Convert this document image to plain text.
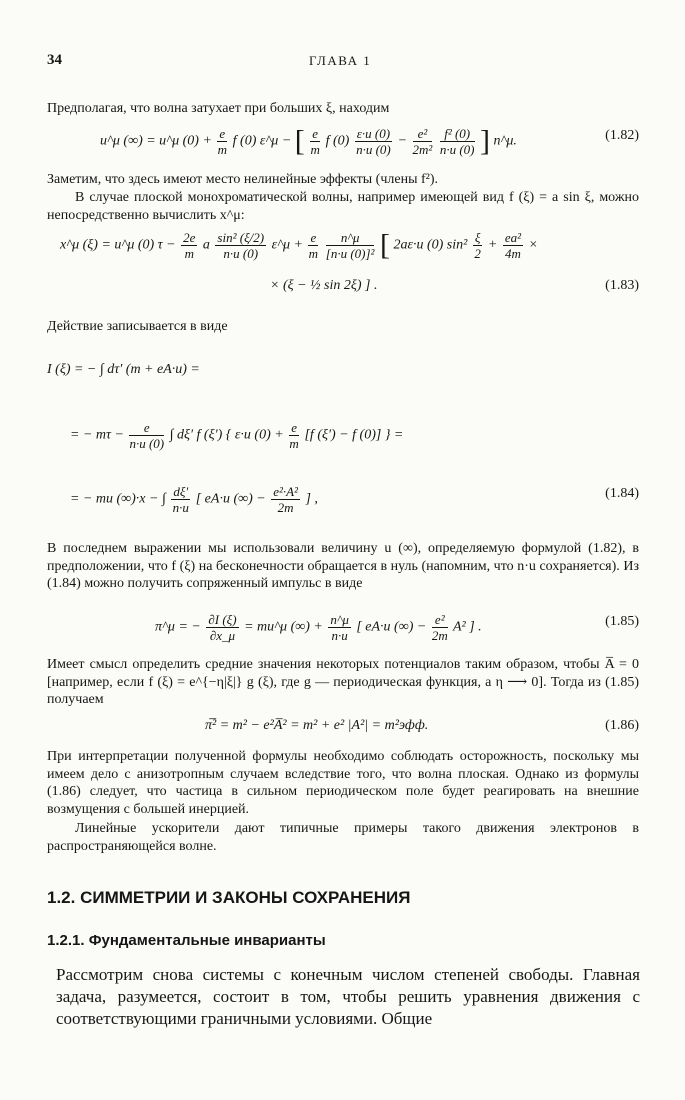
34	ГЛАВА 1
Предполагая, что волна затухает при больших ξ, находим
u^μ (∞) = u^μ $(0) + \frac{e}{m}$ f (0) ε^μ − [ $\frac{e}{m}$ f $(0) \frac{\varepsilon\cdot u (0)}{n\cdot u (0)} - \frac{\text{e²}}{\text{2m²}}$
$\frac{\text{f² (0)}}{n\cdot u (0)}$ ] n^μ.	(1.82)
Заметим, что здесь имеют место нелинейные эффекты (члены f²).
В случае плоской монохроматической волны, например имеющей вид f (ξ) = a sin ξ, можно непосредственно вычислить x^μ:
x^μ (ξ) = u^μ (0) $\tau - \frac{2e}{m}$ a $\frac{\text{sin² (ξ/2)}}{n\cdot u (0)}$ ε^μ + $\frac{e}{m}$
$\frac{n\^{}\mu}{\text{[n·u (0)]²}}$ [ 2aε·u (0) $\sin^2 \frac{\xi}{2} + \frac{\text{ea²}}{4m}$ ×
× (ξ − ½ sin 2ξ) ] .	(1.83)
Действие записывается в виде
I (ξ) = − ∫ dτ′ (m + eA·u) =
= − $m\tau - \frac{e}{n\cdot u (0)}$ ∫ dξ′ f (ξ′) { ε·u $(0) + \frac{e}{m} [f$ (ξ′) − f (0)] } =
= − mu (∞)·x − ∫ $\frac{d\xi'}{n\cdot u}$ [ eA·u (∞) − $\frac{\text{e²·A²}}{2m}$ ] ,	(1.84)
В последнем выражении мы использовали величину u (∞), определяемую формулой (1.82), в предположении, что f (ξ) на бесконечности обращается в нуль (напомним, что n·u сохраняется). Из (1.84) можно получить сопряженный импульс в виде
π^μ = − $\frac{\partial I (\xi)}{\partial x\_\mu}$ = mu^μ (∞) + $\frac{n\^{}\mu}{n\cdot u}$ [ eA·u (∞) − $\frac{\text{e²}}{2m} A^2$ ] .	(1.85)
Имеет смысл определить средние значения некоторых потенциалов таким образом, чтобы A̅ = 0 [например, если f (ξ) = e^{−η|ξ|} g (ξ), где g — периодическая функция, а η ⟶ 0]. Тогда из (1.85) получаем
π̅² = m² − e²A̅² = m² + e² |A²| = m²эфф.	(1.86)
При интерпретации полученной формулы необходимо соблюдать осторожность, поскольку мы имеем дело с анизотропным случаем вследствие того, что волна плоская. Однако из формулы (1.86) следует, что частица в сильном периодическом поле будет реагировать на внешние возмущения с большей инерцией.
Линейные ускорители дают типичные примеры такого движения электронов в распространяющейся волне.
1.2. СИММЕТРИИ И ЗАКОНЫ СОХРАНЕНИЯ
1.2.1. Фундаментальные инварианты
Рассмотрим снова системы с конечным числом степеней свободы. Главная задача, разумеется, состоит в том, чтобы решить уравнения движения с соответствующими граничными условиями. Общие
